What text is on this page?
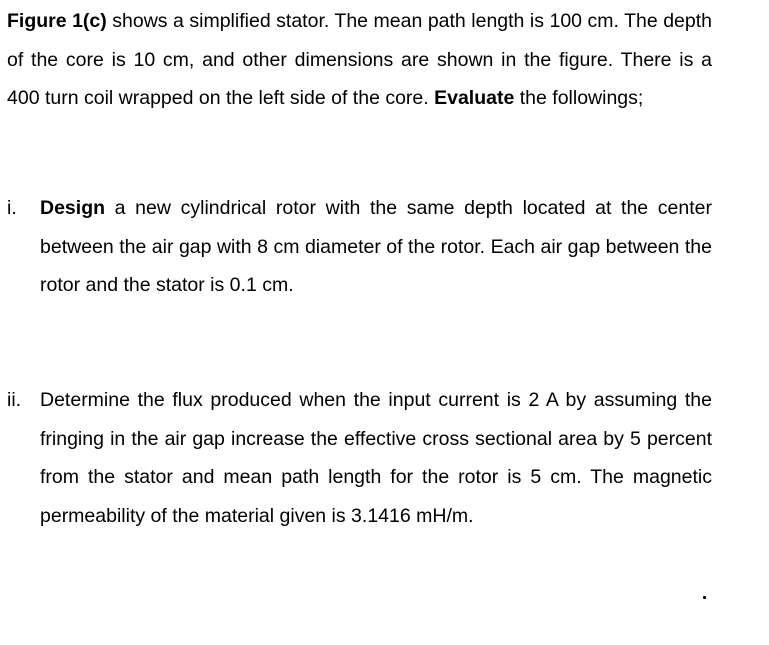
Figure 1(c) shows a simplified stator. The mean path length is 100 cm. The depth of the core is 10 cm, and other dimensions are shown in the figure. There is a 400 turn coil wrapped on the left side of the core. Evaluate the followings;

i. Design a new cylindrical rotor with the same depth located at the center between the air gap with 8 cm diameter of the rotor. Each air gap between the rotor and the stator is 0.1 cm.
ii. Determine the flux produced when the input current is 2 A by assuming the fringing in the air gap increase the effective cross sectional area by 5 percent from the stator and mean path length for the rotor is 5 cm. The magnetic permeability of the material given is 3.1416 mH/m.
